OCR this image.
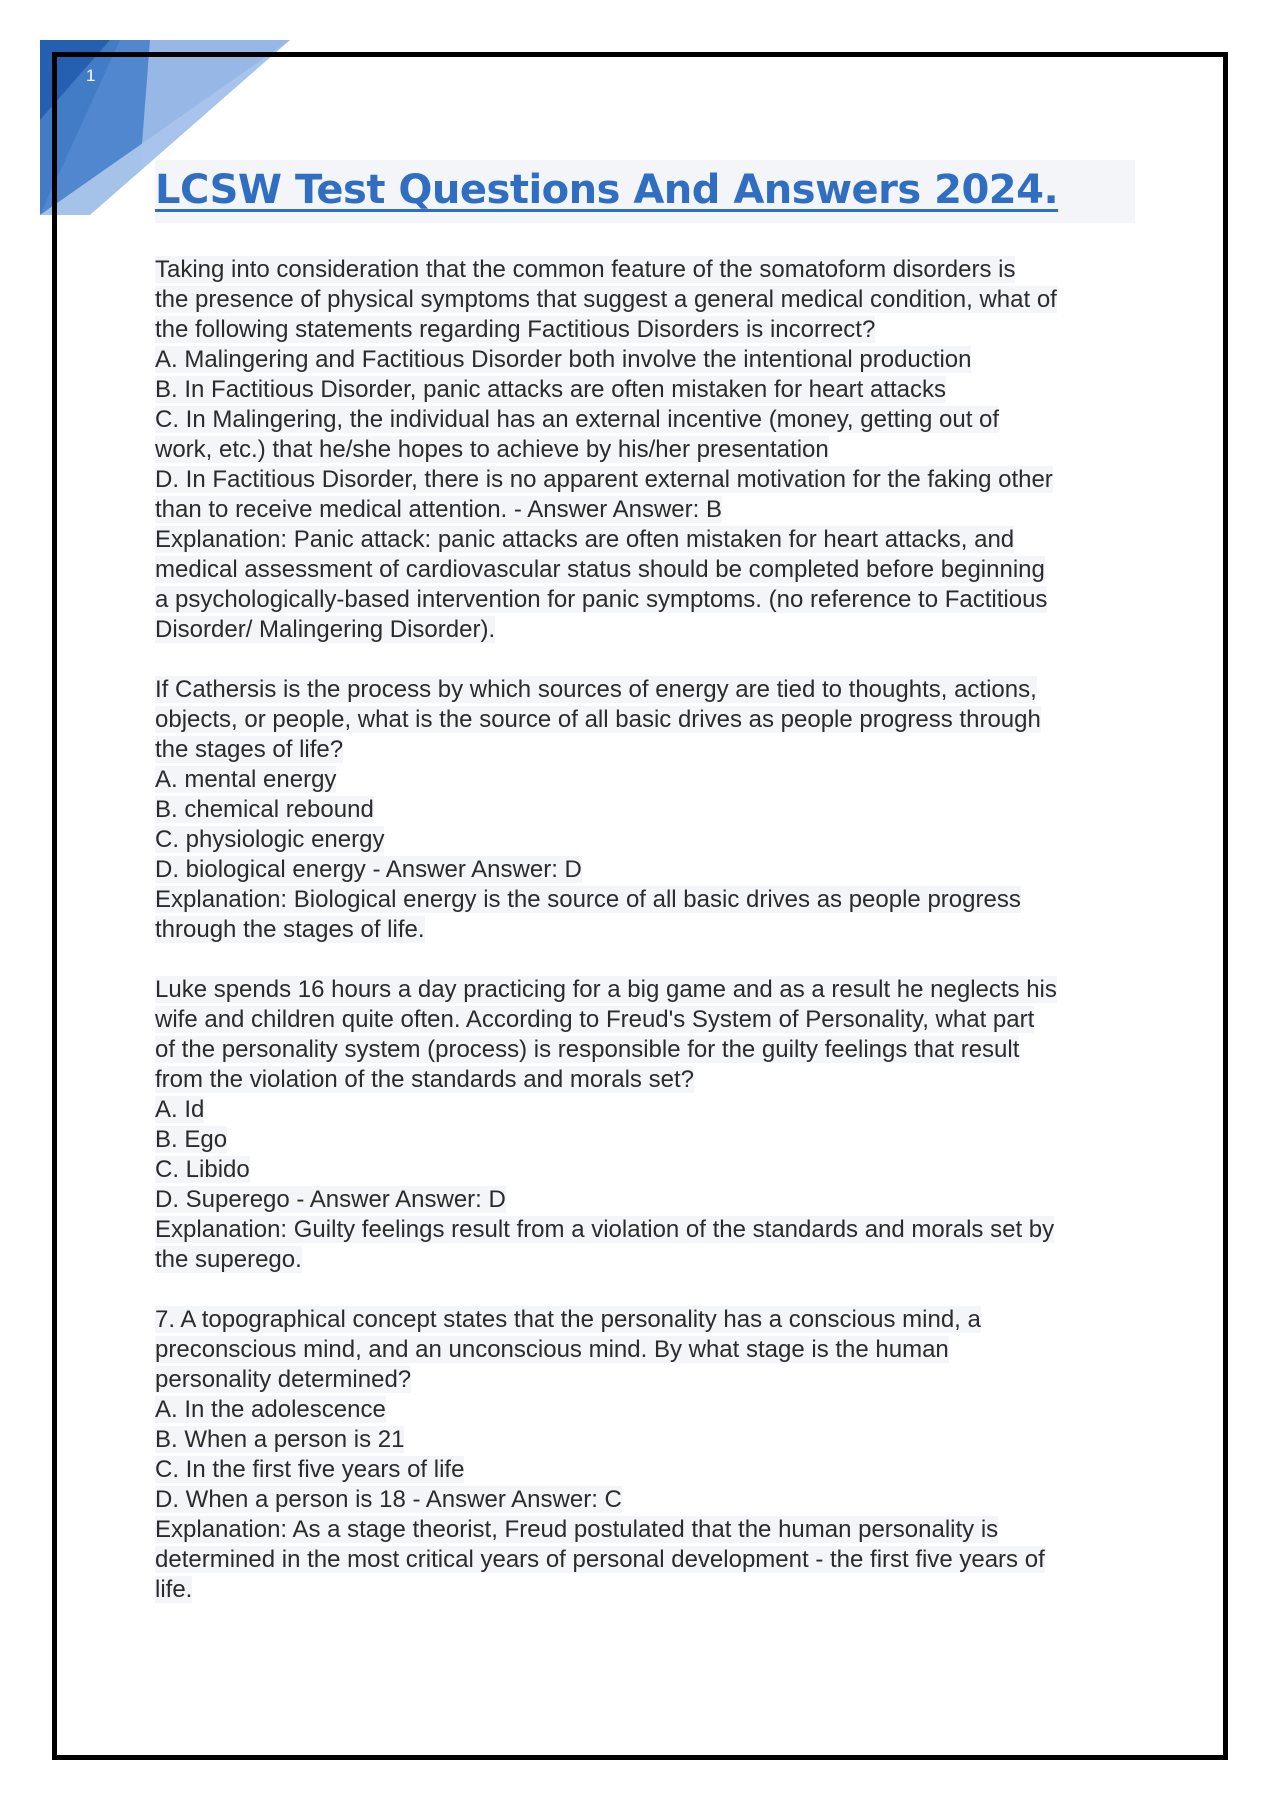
1
LCSW Test Questions And Answers 2024.
Taking into consideration that the common feature of the somatoform disorders is
the presence of physical symptoms that suggest a general medical condition, what of
the following statements regarding Factitious Disorders is incorrect?
A. Malingering and Factitious Disorder both involve the intentional production
B. In Factitious Disorder, panic attacks are often mistaken for heart attacks
C. In Malingering, the individual has an external incentive (money, getting out of
work, etc.) that he/she hopes to achieve by his/her presentation
D. In Factitious Disorder, there is no apparent external motivation for the faking other
than to receive medical attention. - Answer Answer: B
Explanation: Panic attack: panic attacks are often mistaken for heart attacks, and
medical assessment of cardiovascular status should be completed before beginning
a psychologically-based intervention for panic symptoms. (no reference to Factitious
Disorder/ Malingering Disorder).
If Cathersis is the process by which sources of energy are tied to thoughts, actions,
objects, or people, what is the source of all basic drives as people progress through
the stages of life?
A. mental energy
B. chemical rebound
C. physiologic energy
D. biological energy - Answer Answer: D
Explanation: Biological energy is the source of all basic drives as people progress
through the stages of life.
Luke spends 16 hours a day practicing for a big game and as a result he neglects his
wife and children quite often. According to Freud's System of Personality, what part
of the personality system (process) is responsible for the guilty feelings that result
from the violation of the standards and morals set?
A. Id
B. Ego
C. Libido
D. Superego - Answer Answer: D
Explanation: Guilty feelings result from a violation of the standards and morals set by
the superego.
7. A topographical concept states that the personality has a conscious mind, a
preconscious mind, and an unconscious mind. By what stage is the human
personality determined?
A. In the adolescence
B. When a person is 21
C. In the first five years of life
D. When a person is 18 - Answer Answer: C
Explanation: As a stage theorist, Freud postulated that the human personality is
determined in the most critical years of personal development - the first five years of
life.
